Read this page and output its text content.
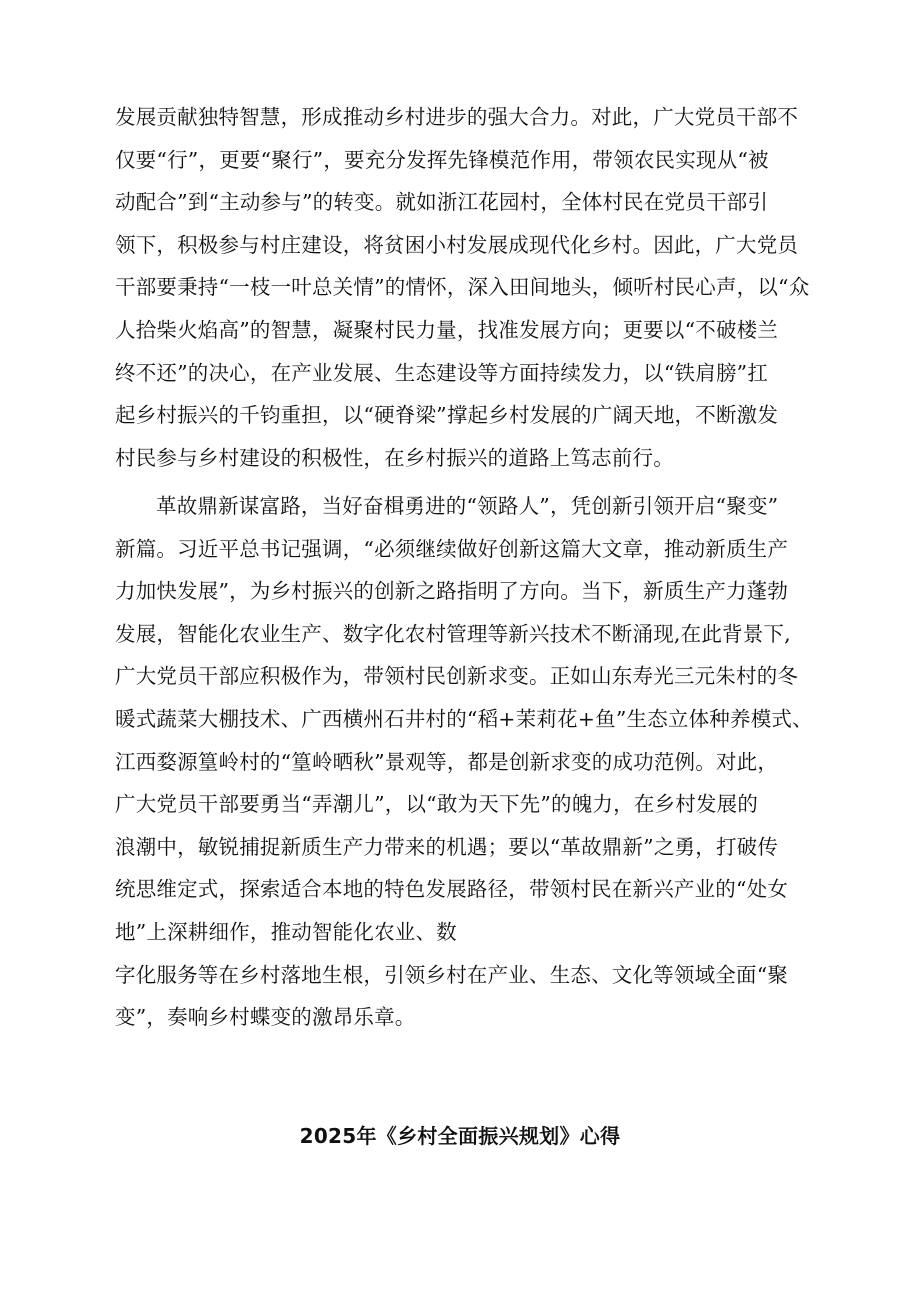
发展贡献独特智慧，形成推动乡村进步的强大合力。对此，广大党员干部不
仅要“行”，更要“聚行”，要充分发挥先锋模范作用，带领农民实现从“被
动配合”到“主动参与”的转变。就如浙江花园村，全体村民在党员干部引
领下，积极参与村庄建设，将贫困小村发展成现代化乡村。因此，广大党员
干部要秉持“一枝一叶总关情”的情怀，深入田间地头，倾听村民心声，以“众
人拾柴火焰高”的智慧，凝聚村民力量，找准发展方向；更要以“不破楼兰
终不还”的决心，在产业发展、生态建设等方面持续发力，以“铁肩膀”扛
起乡村振兴的千钧重担，以“硬脊梁”撑起乡村发展的广阔天地，不断激发
村民参与乡村建设的积极性，在乡村振兴的道路上笃志前行。
革故鼎新谋富路，当好奋楫勇进的“领路人”，凭创新引领开启“聚变”
新篇。习近平总书记强调，“必须继续做好创新这篇大文章，推动新质生产
力加快发展”，为乡村振兴的创新之路指明了方向。当下，新质生产力蓬勃
发展，智能化农业生产、数字化农村管理等新兴技术不断涌现,在此背景下,
广大党员干部应积极作为，带领村民创新求变。正如山东寿光三元朱村的冬
暖式蔬菜大棚技术、广西横州石井村的“稻+茉莉花+鱼”生态立体种养模式、
江西婺源篁岭村的“篁岭晒秋”景观等，都是创新求变的成功范例。对此，
广大党员干部要勇当“弄潮儿”，以“敢为天下先”的魄力，在乡村发展的
浪潮中，敏锐捕捉新质生产力带来的机遇；要以“革故鼎新”之勇，打破传
统思维定式，探索适合本地的特色发展路径，带领村民在新兴产业的“处女
地”上深耕细作，推动智能化农业、数
字化服务等在乡村落地生根，引领乡村在产业、生态、文化等领域全面“聚
变”，奏响乡村蝶变的激昂乐章。
2025年《乡村全面振兴规划》心得
